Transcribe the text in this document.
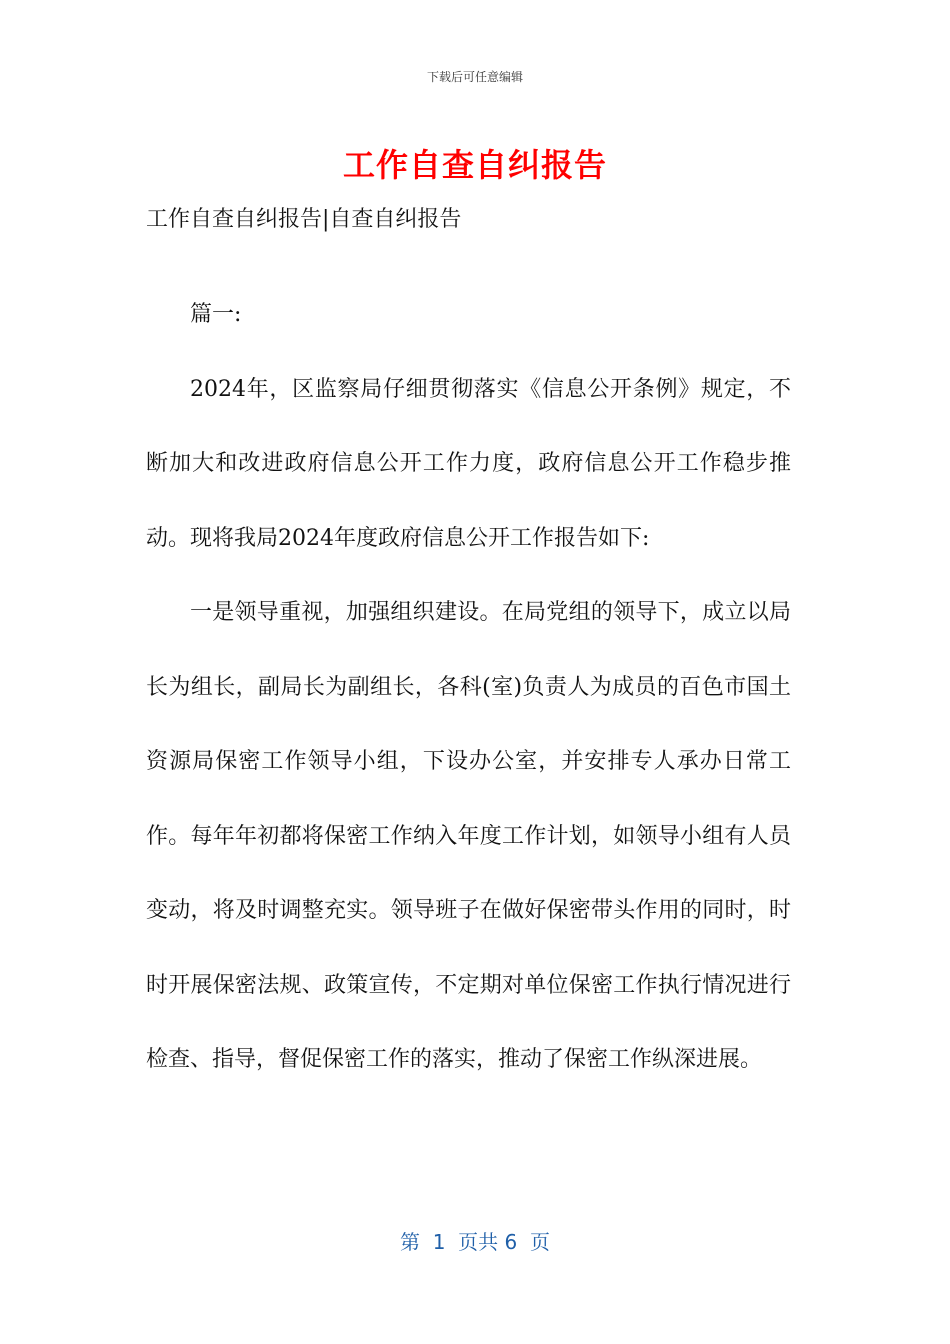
下载后可任意编辑
工作自查自纠报告
工作自查自纠报告|自查自纠报告

篇一:

2024年，区监察局仔细贯彻落实《信息公开条例》规定，不断加大和改进政府信息公开工作力度，政府信息公开工作稳步推动。现将我局2024年度政府信息公开工作报告如下:

一是领导重视，加强组织建设。在局党组的领导下，成立以局长为组长，副局长为副组长，各科(室)负责人为成员的百色市国土资源局保密工作领导小组，下设办公室，并安排专人承办日常工作。每年年初都将保密工作纳入年度工作计划，如领导小组有人员变动，将及时调整充实。领导班子在做好保密带头作用的同时，时时开展保密法规、政策宣传，不定期对单位保密工作执行情况进行检查、指导，督促保密工作的落实，推动了保密工作纵深进展。

第  1  页共 6  页
